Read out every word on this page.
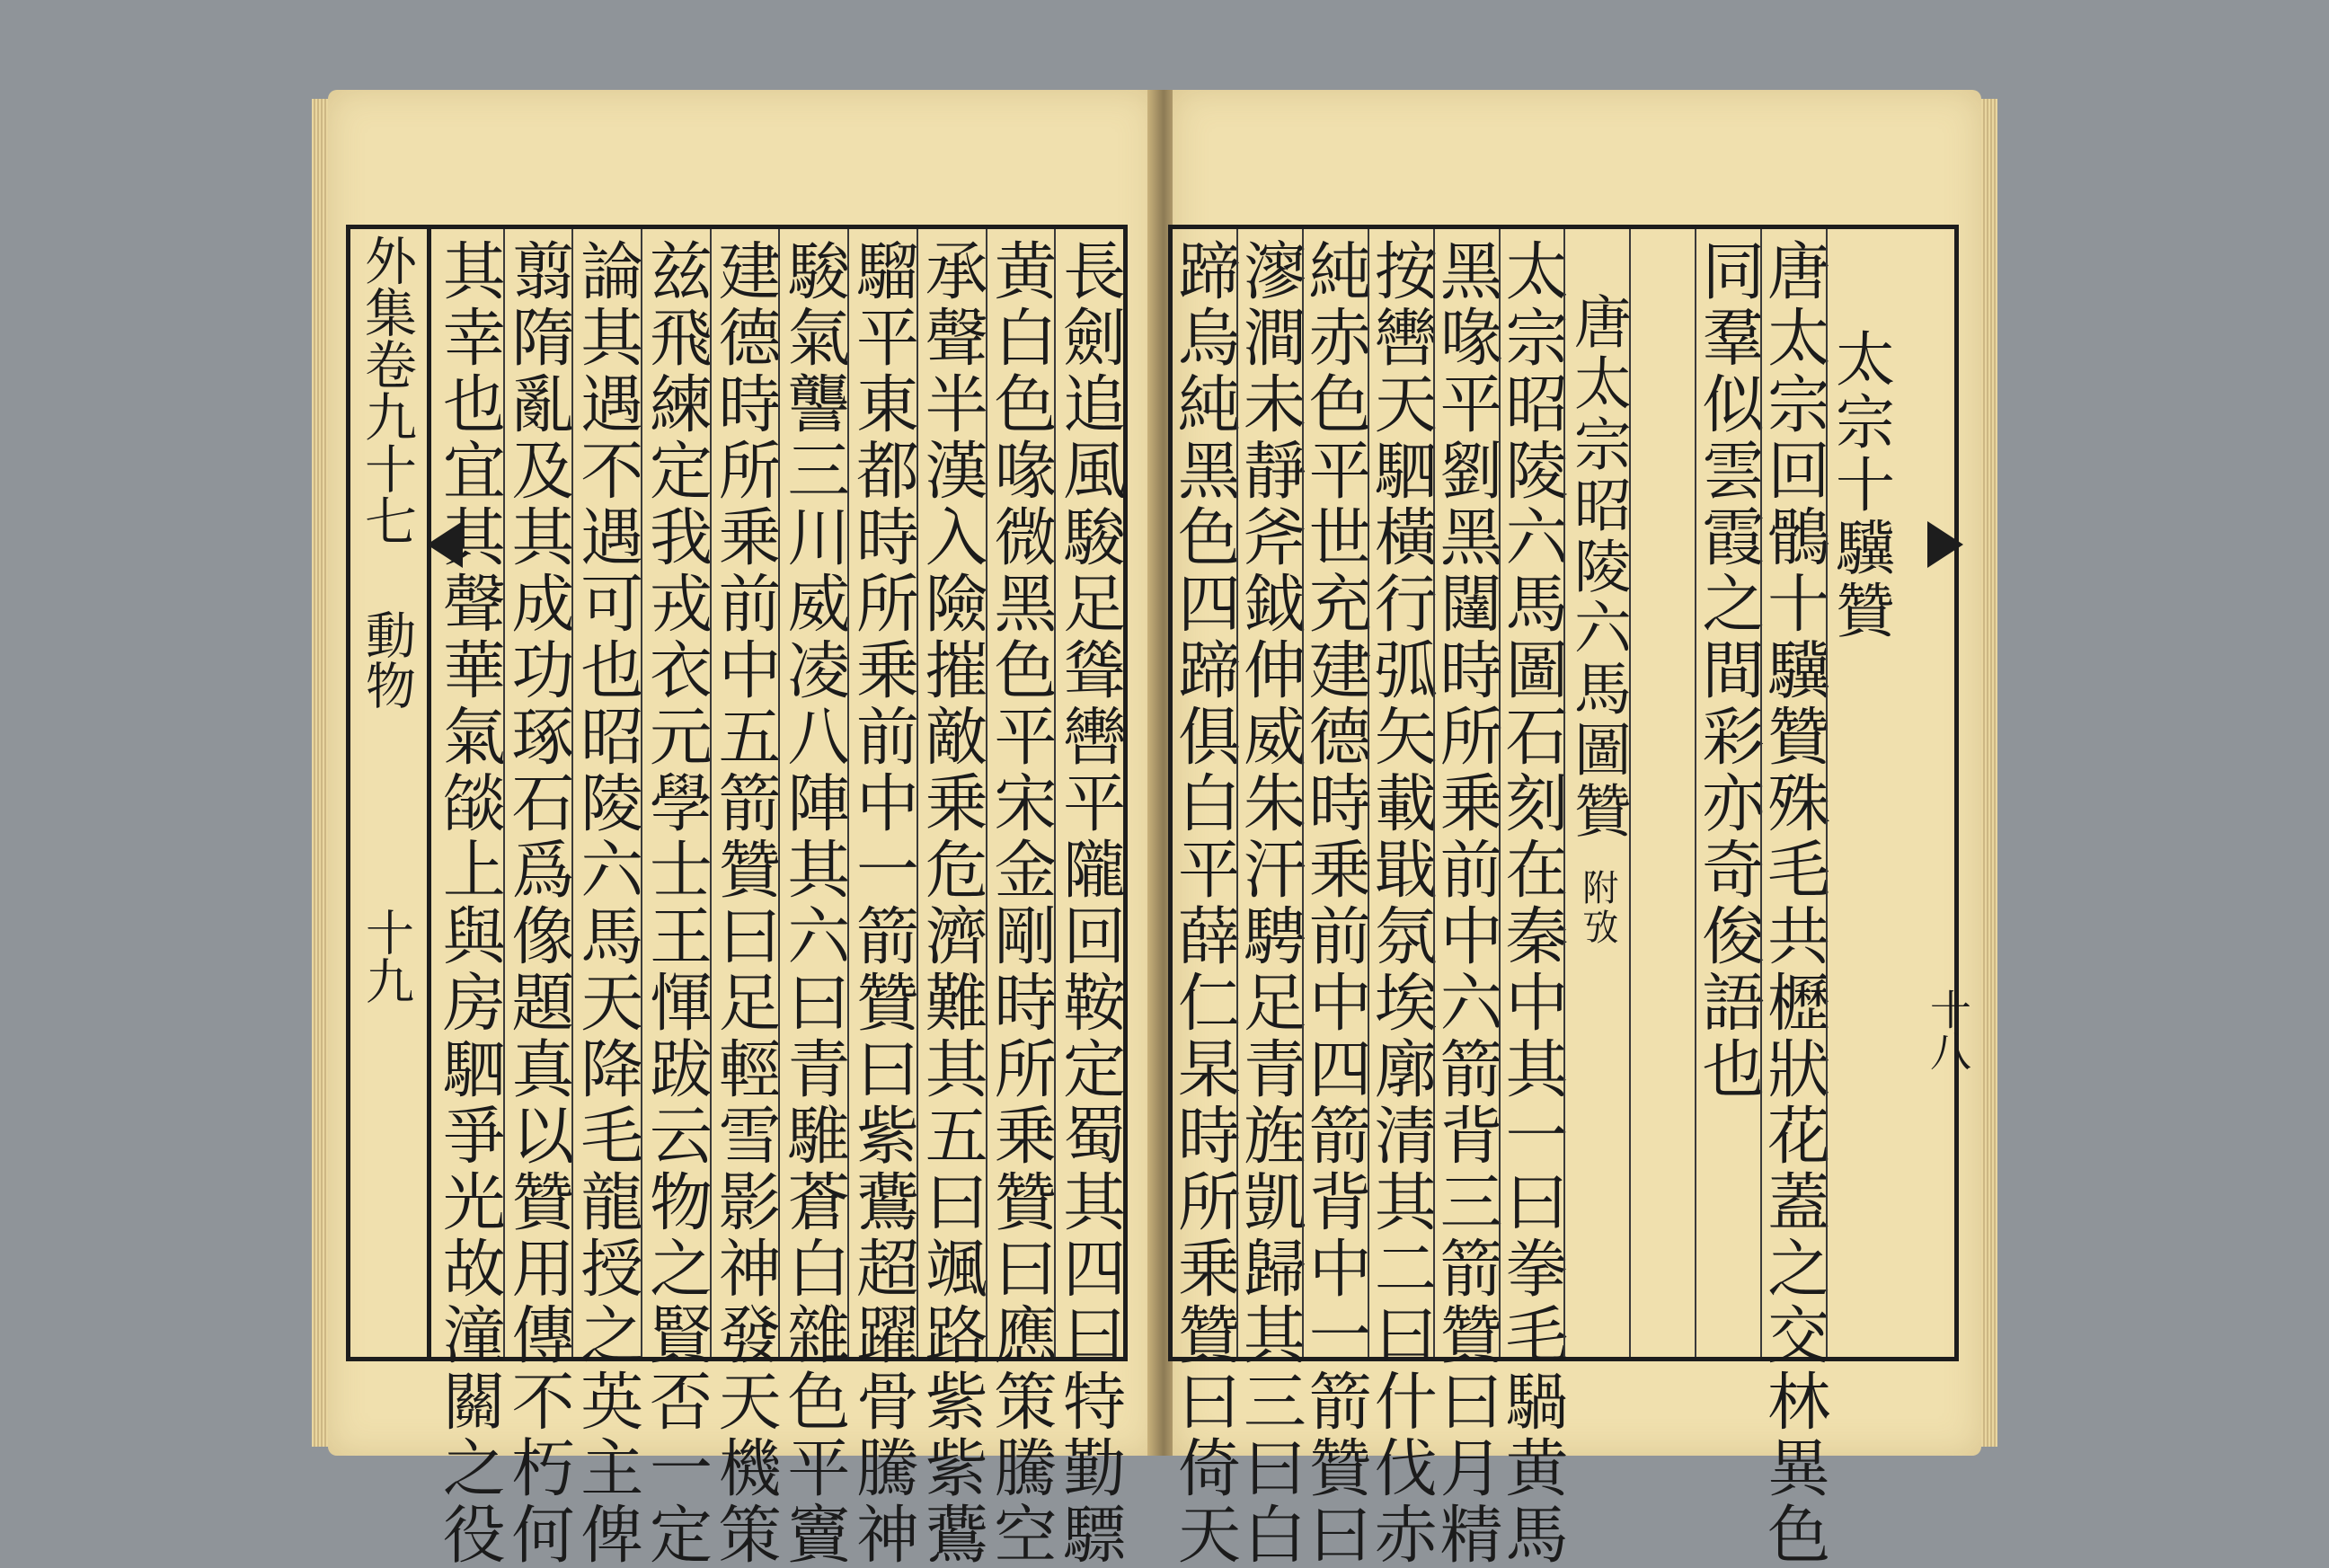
長劍追風駿足聳轡平隴回鞍定蜀其四曰特勤驃
黄白色喙微黑色平宋金剛時所乗贊曰應策騰空
承聲半漢入險摧敵乗危濟難其五曰颯路紫紫鷰
騮平東都時所乗前中一箭贊曰紫鷰超躍骨騰神
駿氣讋三川威凌八陣其六曰青騅蒼白雜色平竇
建德時所乗前中五箭贊曰足輕雪影神發天機策
兹飛練定我戎衣元學士王惲跋云物之賢否一定
論其遇不遇可也昭陵六馬天降毛龍授之英主俾
翦隋亂及其成功琢石爲像題真以贊用傳不朽何
其幸也宜其聲華氣燄上與房駟爭光故潼關之役
外集卷九十七
動物
十九
太宗十驥贊
唐太宗回鶻十驥贊殊毛共櫪狀花蓋之交林異色
同羣似雲霞之間彩亦奇俊語也
唐太宗昭陵六馬圖贊
附攷
太宗昭陵六馬圖石刻在秦中其一曰拳毛騧黄馬
黑喙平劉黑闥時所乗前中六箭背三箭贊曰月精
按轡天駟橫行弧矢載戢氛埃廓清其二曰什伐赤
純赤色平世充建德時乗前中四箭背中一箭贊曰
㵳澗未靜斧鉞伸威朱汗騁足青旌凱歸其三曰白
蹄烏純黑色四蹄俱白平薛仁杲時所乗贊曰倚天	十八
